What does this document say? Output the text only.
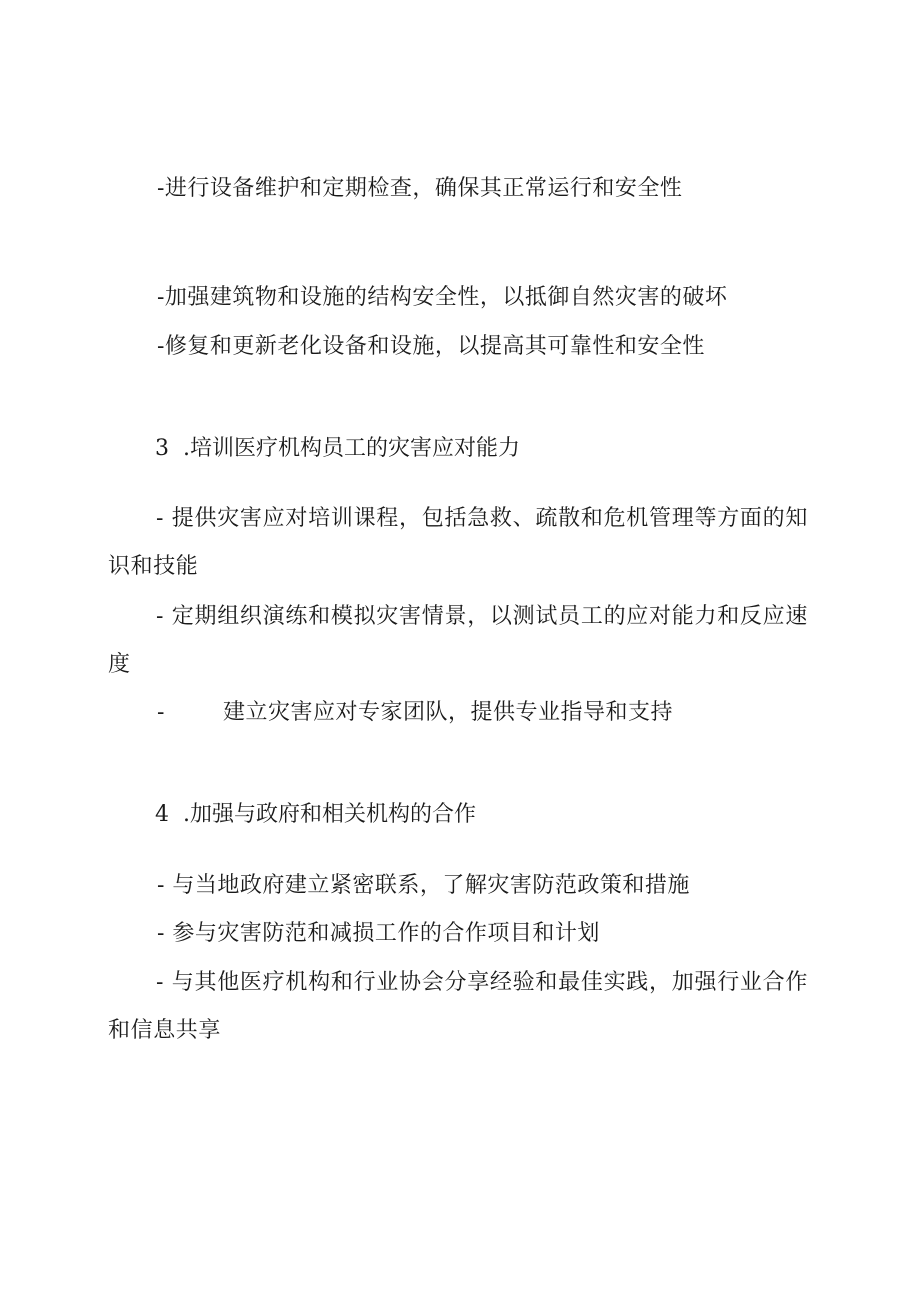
-进行设备维护和定期检查，确保其正常运行和安全性
-加强建筑物和设施的结构安全性，以抵御自然灾害的破坏
-修复和更新老化设备和设施，以提高其可靠性和安全性
3 .培训医疗机构员工的灾害应对能力
- 提供灾害应对培训课程，包括急救、疏散和危机管理等方面的知识和技能
- 定期组织演练和模拟灾害情景，以测试员工的应对能力和反应速度
-	建立灾害应对专家团队，提供专业指导和支持
4 .加强与政府和相关机构的合作
- 与当地政府建立紧密联系，了解灾害防范政策和措施
- 参与灾害防范和减损工作的合作项目和计划
- 与其他医疗机构和行业协会分享经验和最佳实践，加强行业合作和信息共享
